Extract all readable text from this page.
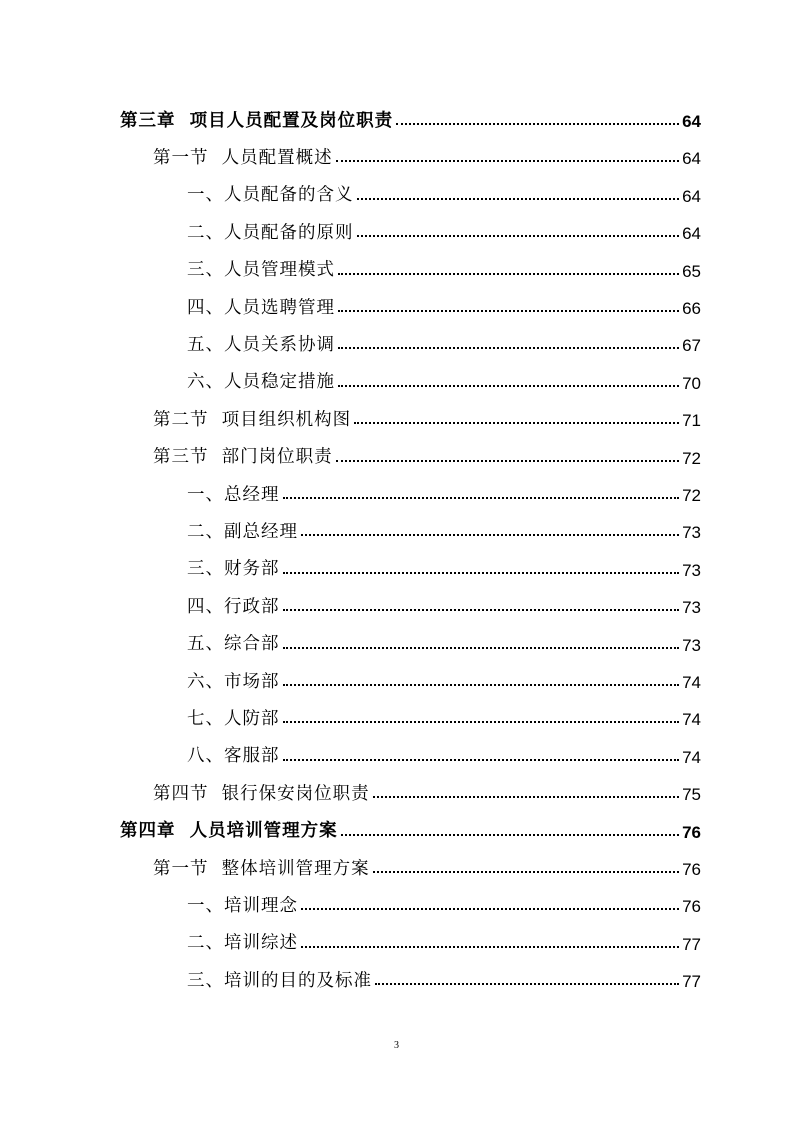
第三章  项目人员配置及岗位职责	64
第一节  人员配置概述	64
一、人员配备的含义	64
二、人员配备的原则	64
三、人员管理模式	65
四、人员选聘管理	66
五、人员关系协调	67
六、人员稳定措施	70
第二节  项目组织机构图	71
第三节  部门岗位职责	72
一、总经理	72
二、副总经理	73
三、财务部	73
四、行政部	73
五、综合部	73
六、市场部	74
七、人防部	74
八、客服部	74
第四节  银行保安岗位职责	75
第四章  人员培训管理方案	76
第一节  整体培训管理方案	76
一、培训理念	76
二、培训综述	77
三、培训的目的及标准	77
3
